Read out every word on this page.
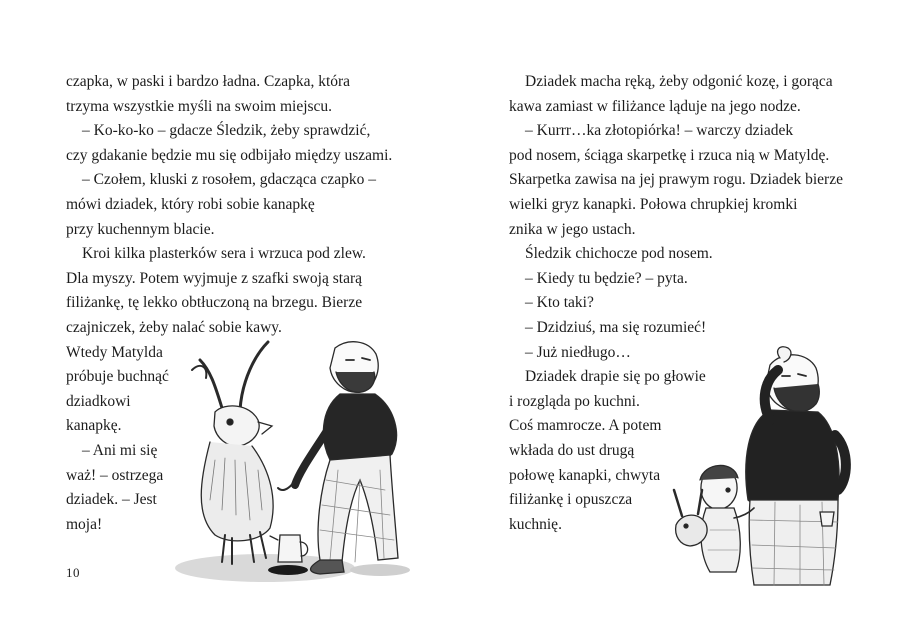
czapka, w paski i bardzo ładna. Czapka, która
trzyma wszystkie myśli na swoim miejscu.
– Ko-ko-ko – gdacze Śledzik, żeby sprawdzić,
czy gdakanie będzie mu się odbijało między uszami.
– Czołem, kluski z rosołem, gdacząca czapko –
mówi dziadek, który robi sobie kanapkę
przy kuchennym blacie.
Kroi kilka plasterków sera i wrzuca pod zlew.
Dla myszy. Potem wyjmuje z szafki swoją starą
filiżankę, tę lekko obtłuczoną na brzegu. Bierze
czajniczek, żeby nalać sobie kawy.
Wtedy Matylda
próbuje buchnąć
dziadkowi
kanapkę.
– Ani mi się
waż! – ostrzega
dziadek. – Jest
moja!
10
Dziadek macha ręką, żeby odgonić kozę, i gorąca
kawa zamiast w filiżance ląduje na jego nodze.
– Kurrr…ka złotopiórka! – warczy dziadek
pod nosem, ściąga skarpetkę i rzuca nią w Matyldę.
Skarpetka zawisa na jej prawym rogu. Dziadek bierze
wielki gryz kanapki. Połowa chrupkiej kromki
znika w jego ustach.
Śledzik chichocze pod nosem.
– Kiedy tu będzie? – pyta.
– Kto taki?
– Dzidziuś, ma się rozumieć!
– Już niedługo…
Dziadek drapie się po głowie
i rozgląda po kuchni.
Coś mamrocze. A potem
wkłada do ust drugą
połowę kanapki, chwyta
filiżankę i opuszcza
kuchnię.
